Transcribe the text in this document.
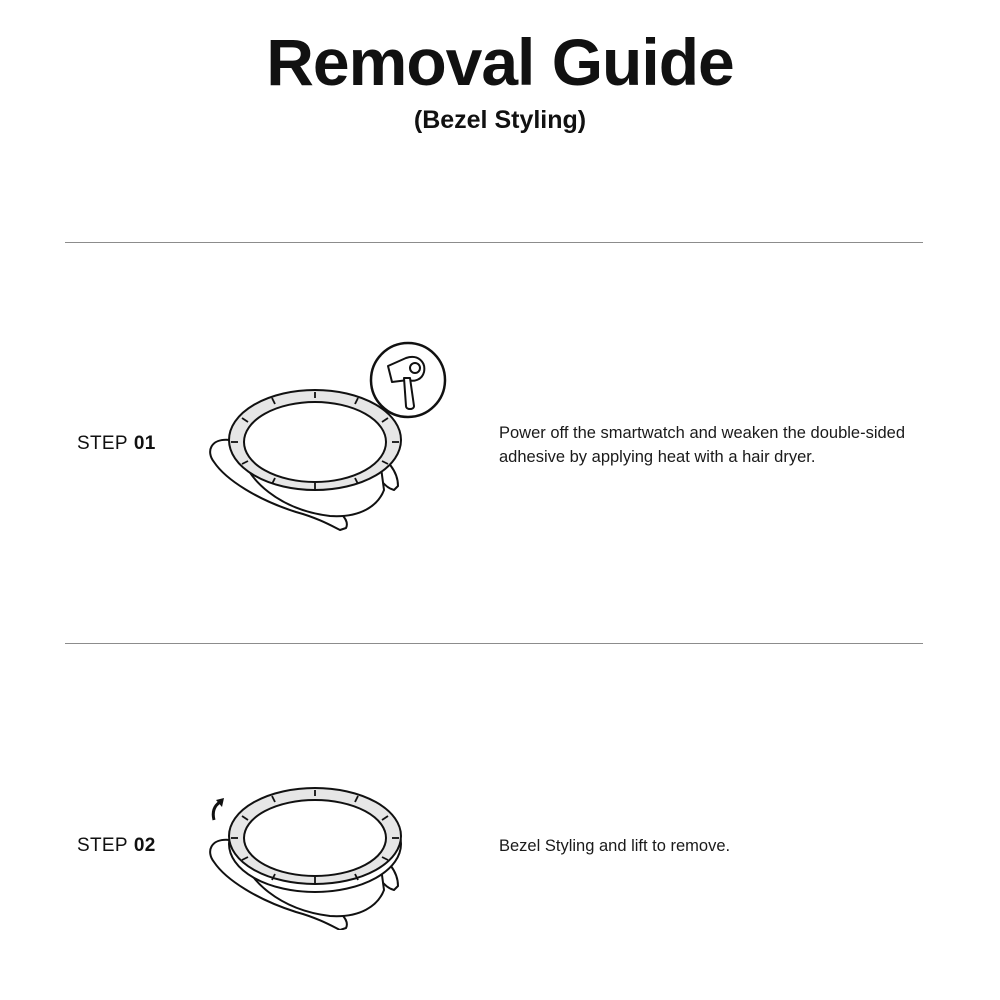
Removal Guide
(Bezel Styling)
STEP 01	Power off the smartwatch and weaken the double-sided
adhesive by applying heat with a hair dryer.
STEP 02	Bezel Styling and lift to remove.
